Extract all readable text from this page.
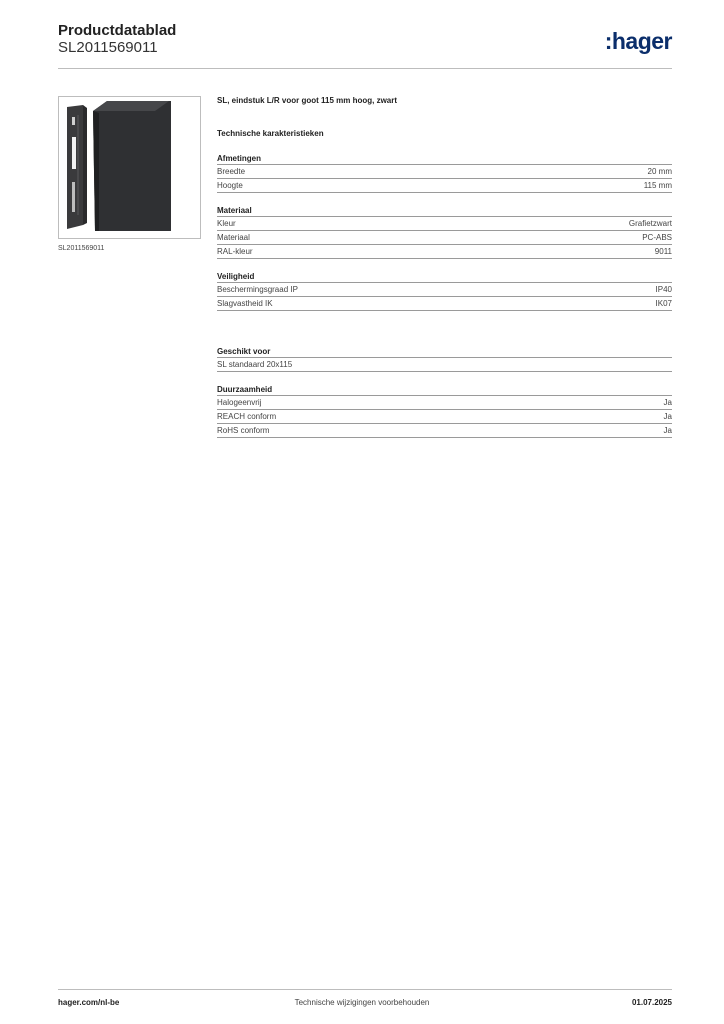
Productdatablad
SL2011569011	:hager
SL2011569011
SL, eindstuk L/R voor goot 115 mm hoog, zwart
Technische karakteristieken
Afmetingen
Breedte	20 mm
Hoogte	115 mm
Materiaal
Kleur	Grafietzwart
Materiaal	PC-ABS
RAL-kleur	9011
Veiligheid
Beschermingsgraad IP	IP40
Slagvastheid IK	IK07
Geschikt voor
SL standaard 20x115
Duurzaamheid
Halogeenvrij	Ja
REACH conform	Ja
RoHS conform	Ja
hager.com/nl-be	Technische wijzigingen voorbehouden	01.07.2025
